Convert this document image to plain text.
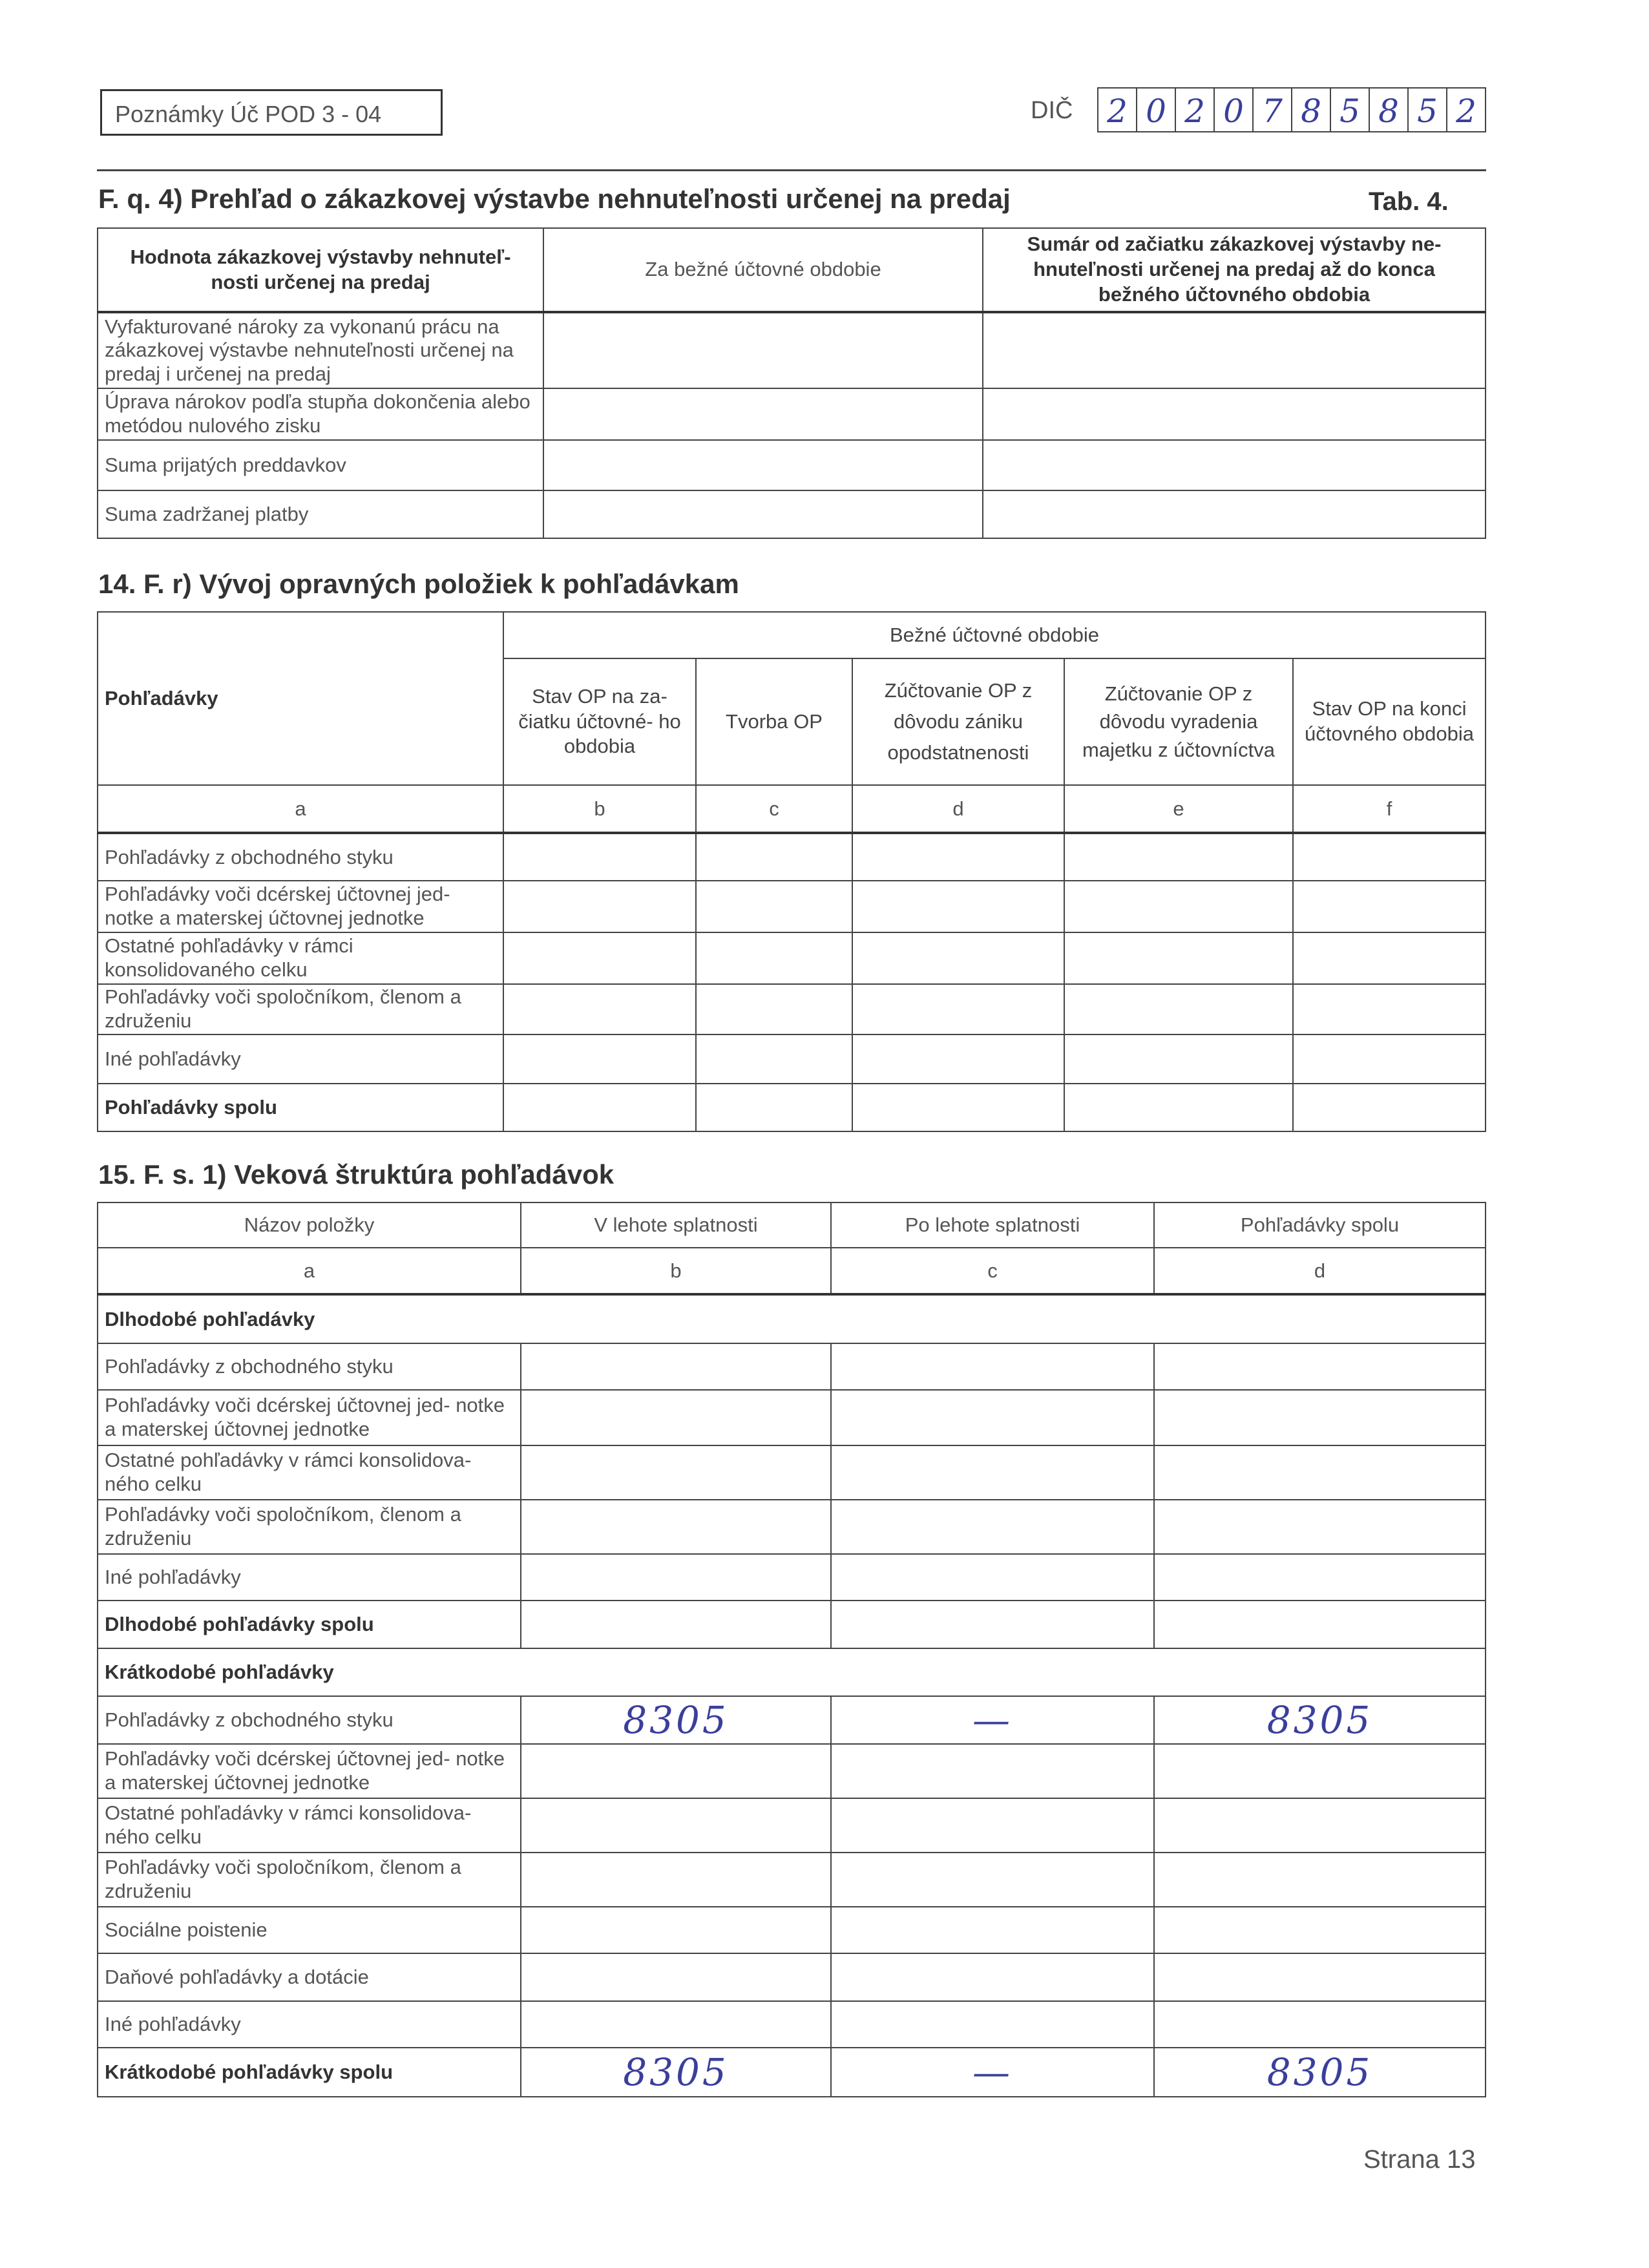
Poznámky Úč POD 3 - 04	DIČ	2 0 2 0 7 8 5 8 5 2
F. q. 4) Prehľad o zákazkovej výstavbe nehnuteľnosti určenej na predaj	Tab. 4.
Hodnota zákazkovej výstavby nehnuteľ- nosti určenej na predaj	Za bežné účtovné obdobie	Sumár od začiatku zákazkovej výstavby ne- hnuteľnosti určenej na predaj až do konca bežného účtovného obdobia
Vyfakturované nároky za vykonanú prácu na zákazkovej výstavbe nehnuteľnosti určenej na predaj i určenej na predaj		
Úprava nárokov podľa stupňa dokončenia alebo metódou nulového zisku		
Suma prijatých preddavkov		
Suma zadržanej platby		
14. F. r) Vývoj opravných položiek k pohľadávkam
Pohľadávky	Bežné účtovné obdobie				
	Stav OP na za- čiatku účtovné- ho obdobia	Tvorba OP	Zúčtovanie OP z dôvodu zániku opodstatnenosti	Zúčtovanie OP z dôvodu vyradenia majetku z účtovníctva	Stav OP na konci účtovného obdobia
a	b	c	d	e	f
Pohľadávky z obchodného styku					
Pohľadávky voči dcérskej účtovnej jed- notke a materskej účtovnej jednotke					
Ostatné pohľadávky v rámci konsolidovaného celku					
Pohľadávky voči spoločníkom, členom a združeniu					
Iné pohľadávky					
Pohľadávky spolu					
15. F. s. 1) Veková štruktúra pohľadávok
Názov položky	V lehote splatnosti	Po lehote splatnosti	Pohľadávky spolu
a	b	c	d
Dlhodobé pohľadávky			
Pohľadávky z obchodného styku			
Pohľadávky voči dcérskej účtovnej jed- notke a materskej účtovnej jednotke			
Ostatné pohľadávky v rámci konsolidova- ného celku			
Pohľadávky voči spoločníkom, členom a združeniu			
Iné pohľadávky			
Dlhodobé pohľadávky spolu			
Krátkodobé pohľadávky			
Pohľadávky z obchodného styku	8305	—	8305
Pohľadávky voči dcérskej účtovnej jed- notke a materskej účtovnej jednotke			
Ostatné pohľadávky v rámci konsolidova- ného celku			
Pohľadávky voči spoločníkom, členom a združeniu			
Sociálne poistenie			
Daňové pohľadávky a dotácie			
Iné pohľadávky			
Krátkodobé pohľadávky spolu	8305	—	8305
Strana 13
